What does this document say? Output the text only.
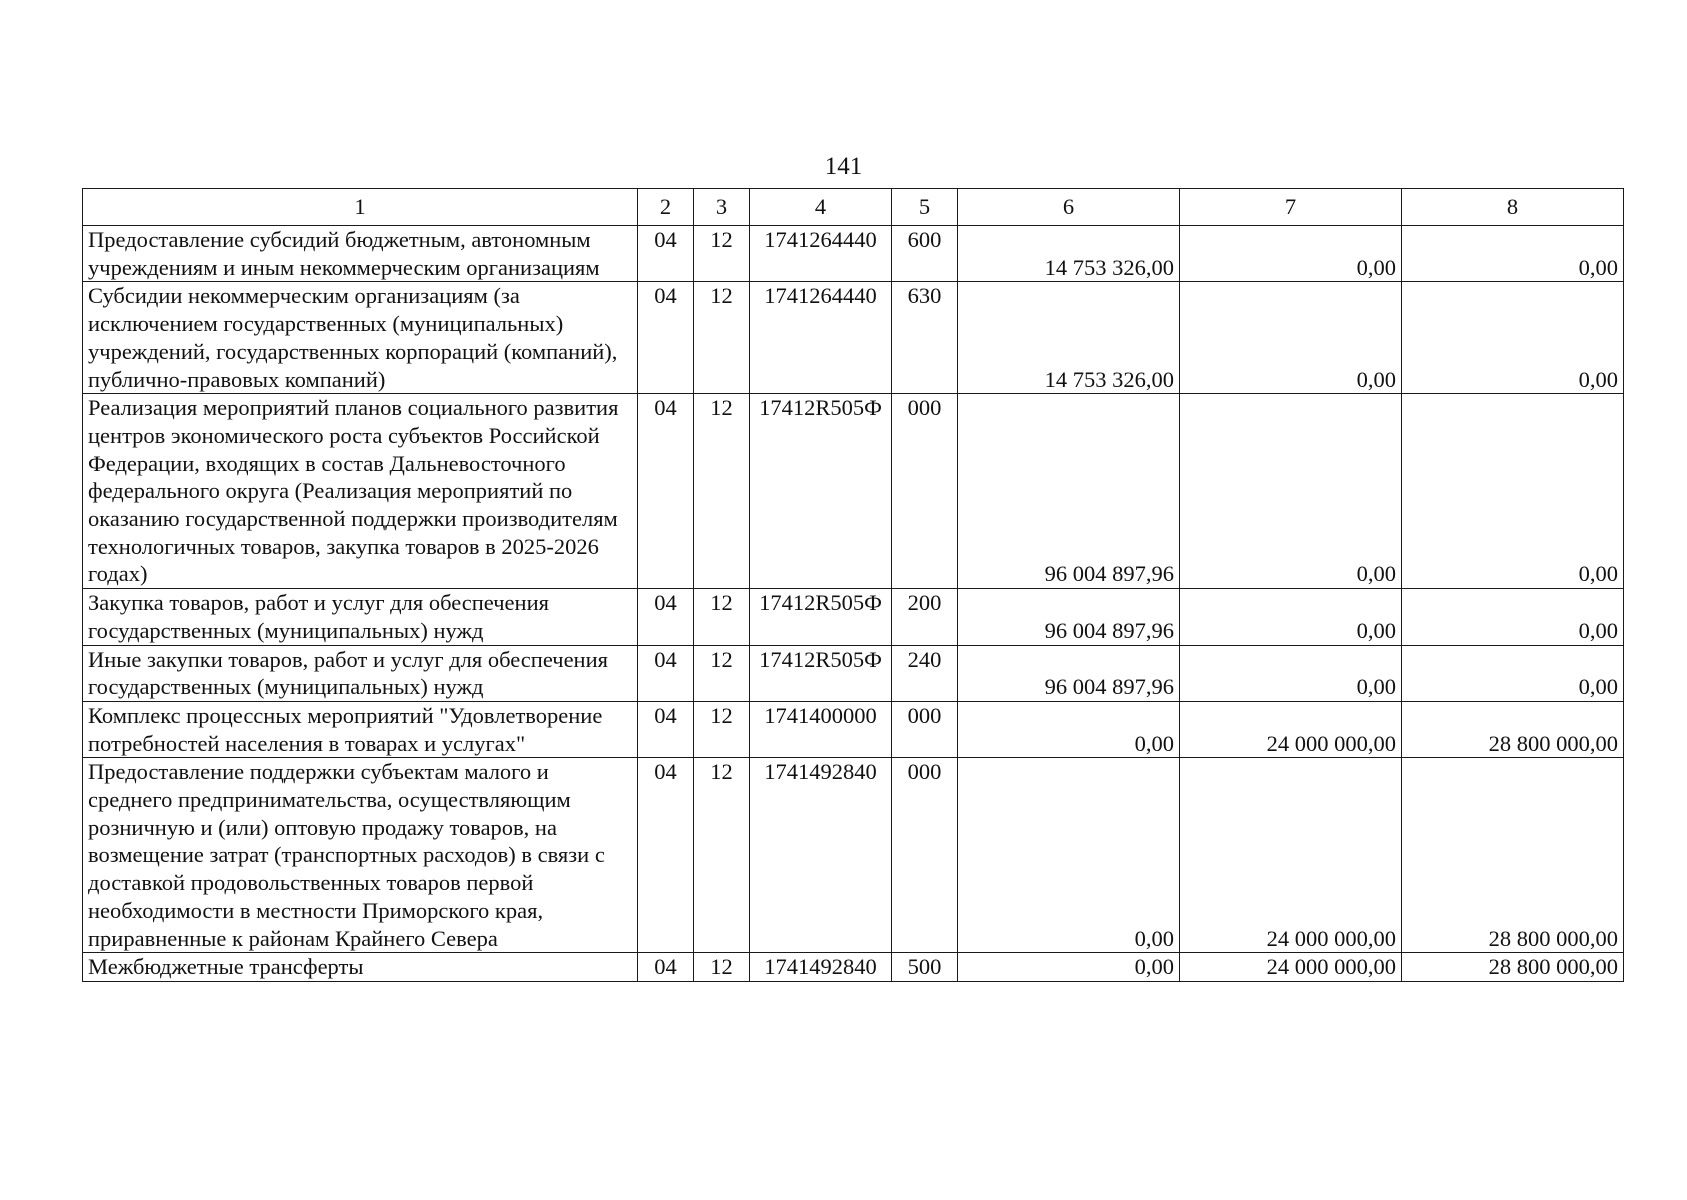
141
1	2	3	4	5	6	7	8
Предоставление субсидий бюджетным, автономным учреждениям и иным некоммерческим организациям	04	12	1741264440	600	14 753 326,00	0,00	0,00
Субсидии некоммерческим организациям (за исключением государственных (муниципальных) учреждений, государственных корпораций (компаний), публично-правовых компаний)	04	12	1741264440	630	14 753 326,00	0,00	0,00
Реализация мероприятий планов социального развития центров экономического роста субъектов Российской Федерации, входящих в состав Дальневосточного федерального округа (Реализация мероприятий по оказанию государственной поддержки производителям технологичных товаров, закупка товаров в 2025-2026 годах)	04	12	17412R505Ф	000	96 004 897,96	0,00	0,00
Закупка товаров, работ и услуг для обеспечения государственных (муниципальных) нужд	04	12	17412R505Ф	200	96 004 897,96	0,00	0,00
Иные закупки товаров, работ и услуг для обеспечения государственных (муниципальных) нужд	04	12	17412R505Ф	240	96 004 897,96	0,00	0,00
Комплекс процессных мероприятий "Удовлетворение потребностей населения в товарах и услугах"	04	12	1741400000	000	0,00	24 000 000,00	28 800 000,00
Предоставление поддержки субъектам малого и среднего предпринимательства, осуществляющим розничную и (или) оптовую продажу товаров, на возмещение затрат (транспортных расходов) в связи с доставкой продовольственных товаров первой необходимости в местности Приморского края, приравненные к районам Крайнего Севера	04	12	1741492840	000	0,00	24 000 000,00	28 800 000,00
Межбюджетные трансферты	04	12	1741492840	500	0,00	24 000 000,00	28 800 000,00
